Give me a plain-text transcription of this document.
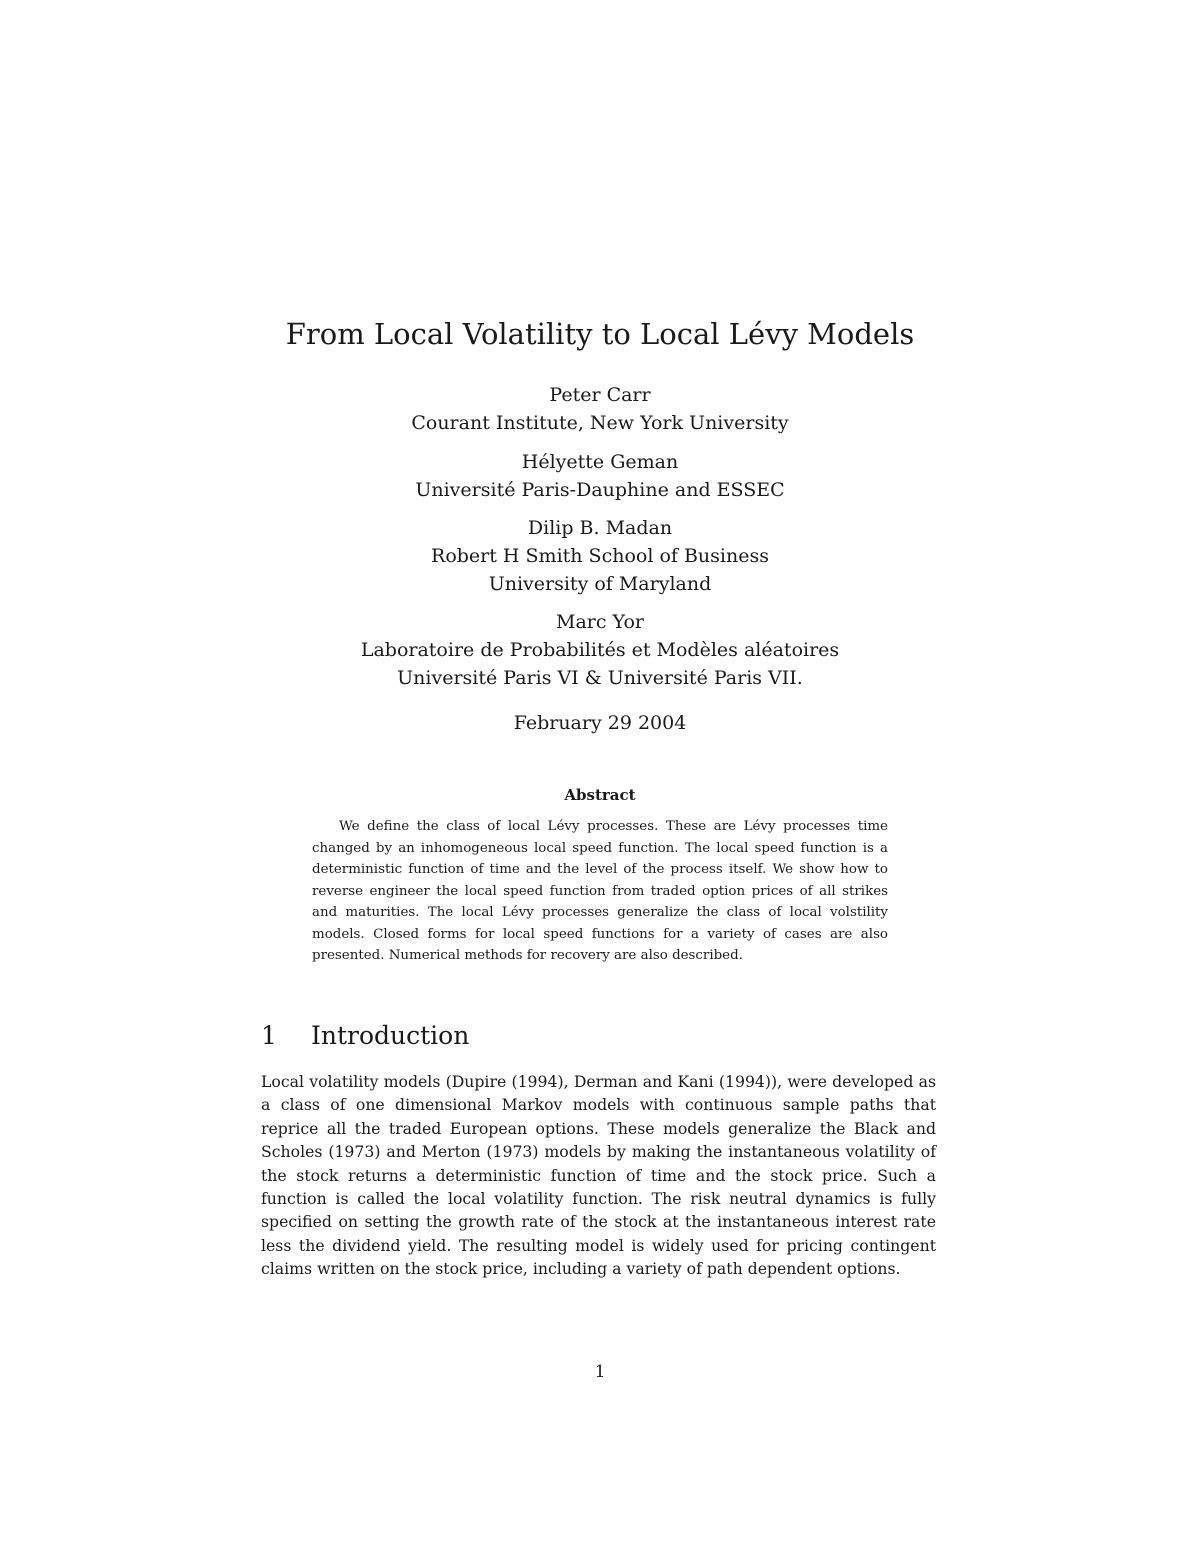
From Local Volatility to Local Lévy Models
Peter Carr
Courant Institute, New York University
Hélyette Geman
Université Paris-Dauphine and ESSEC
Dilip B. Madan
Robert H Smith School of Business
University of Maryland
Marc Yor
Laboratoire de Probabilités et Modèles aléatoires
Université Paris VI & Université Paris VII.
February 29 2004
Abstract

We define the class of local Lévy processes. These are Lévy processes time changed by an inhomogeneous local speed function. The local speed function is a deterministic function of time and the level of the process itself. We show how to reverse engineer the local speed function from traded option prices of all strikes and maturities. The local Lévy processes generalize the class of local volstility models. Closed forms for local speed functions for a variety of cases are also presented. Numerical methods for recovery are also described.

1 Introduction

Local volatility models (Dupire (1994), Derman and Kani (1994)), were developed as a class of one dimensional Markov models with continuous sample paths that reprice all the traded European options. These models generalize the Black and Scholes (1973) and Merton (1973) models by making the instantaneous volatility of the stock returns a deterministic function of time and the stock price. Such a function is called the local volatility function. The risk neutral dynamics is fully specified on setting the growth rate of the stock at the instantaneous interest rate less the dividend yield. The resulting model is widely used for pricing contingent claims written on the stock price, including a variety of path dependent options.

1
